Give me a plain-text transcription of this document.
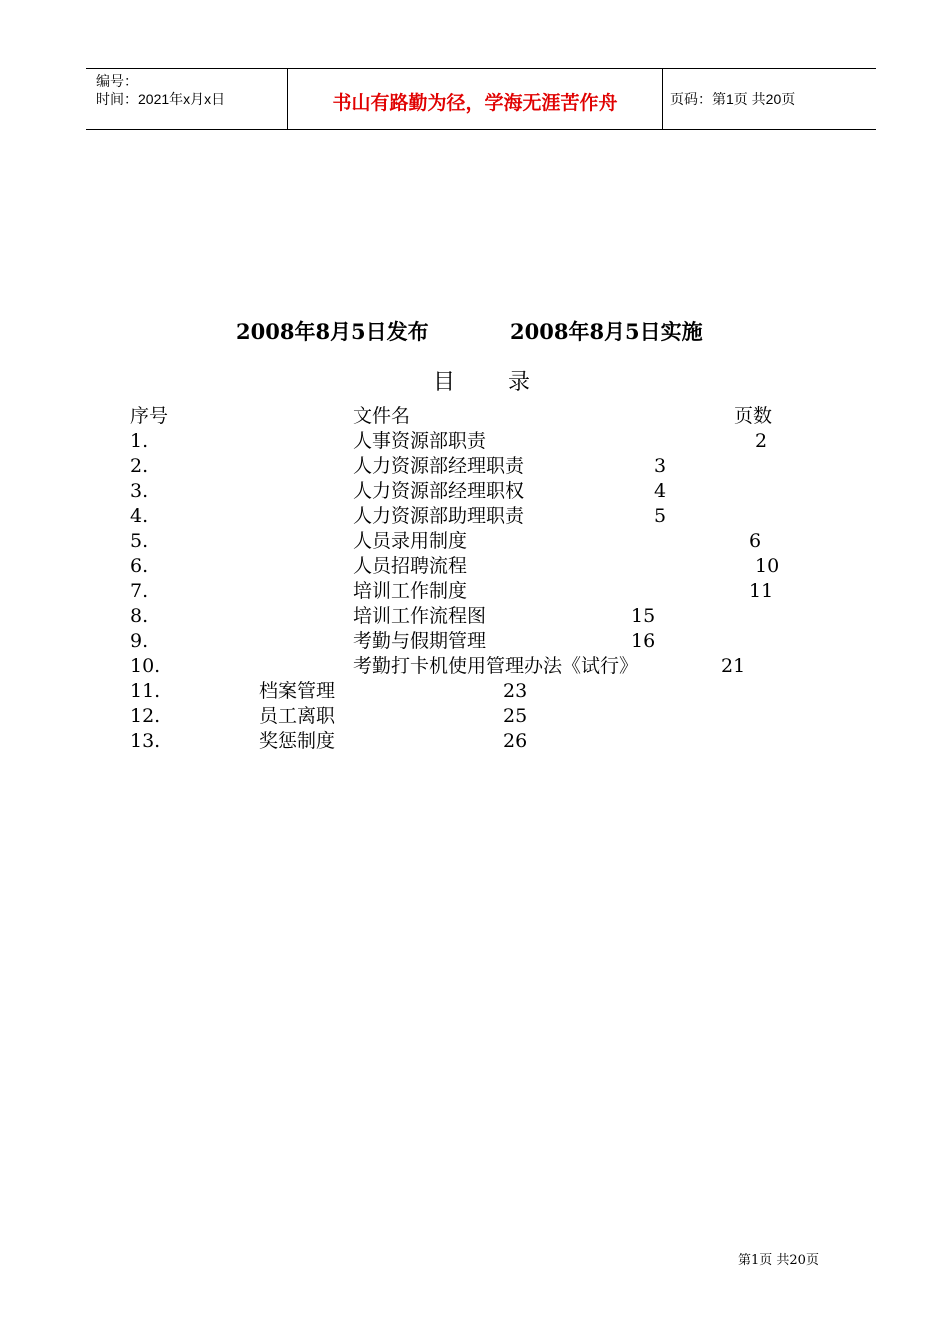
编号：
时间：2021年x月x日	书山有路勤为径，学海无涯苦作舟	页码：第1页 共20页
2008年8月5日发布	2008年8月5日实施
目 录
序号	文件名	页数
1.	人事资源部职责	2
2.	人力资源部经理职责	3
3.	人力资源部经理职权	4
4.	人力资源部助理职责	5
5.	人员录用制度	6
6.	人员招聘流程	10
7.	培训工作制度	11
8.	培训工作流程图	15
9.	考勤与假期管理	16
10.	考勤打卡机使用管理办法《试行》	21
11.	档案管理	23
12.	员工离职	25
13.	奖惩制度	26
第1页 共20页
